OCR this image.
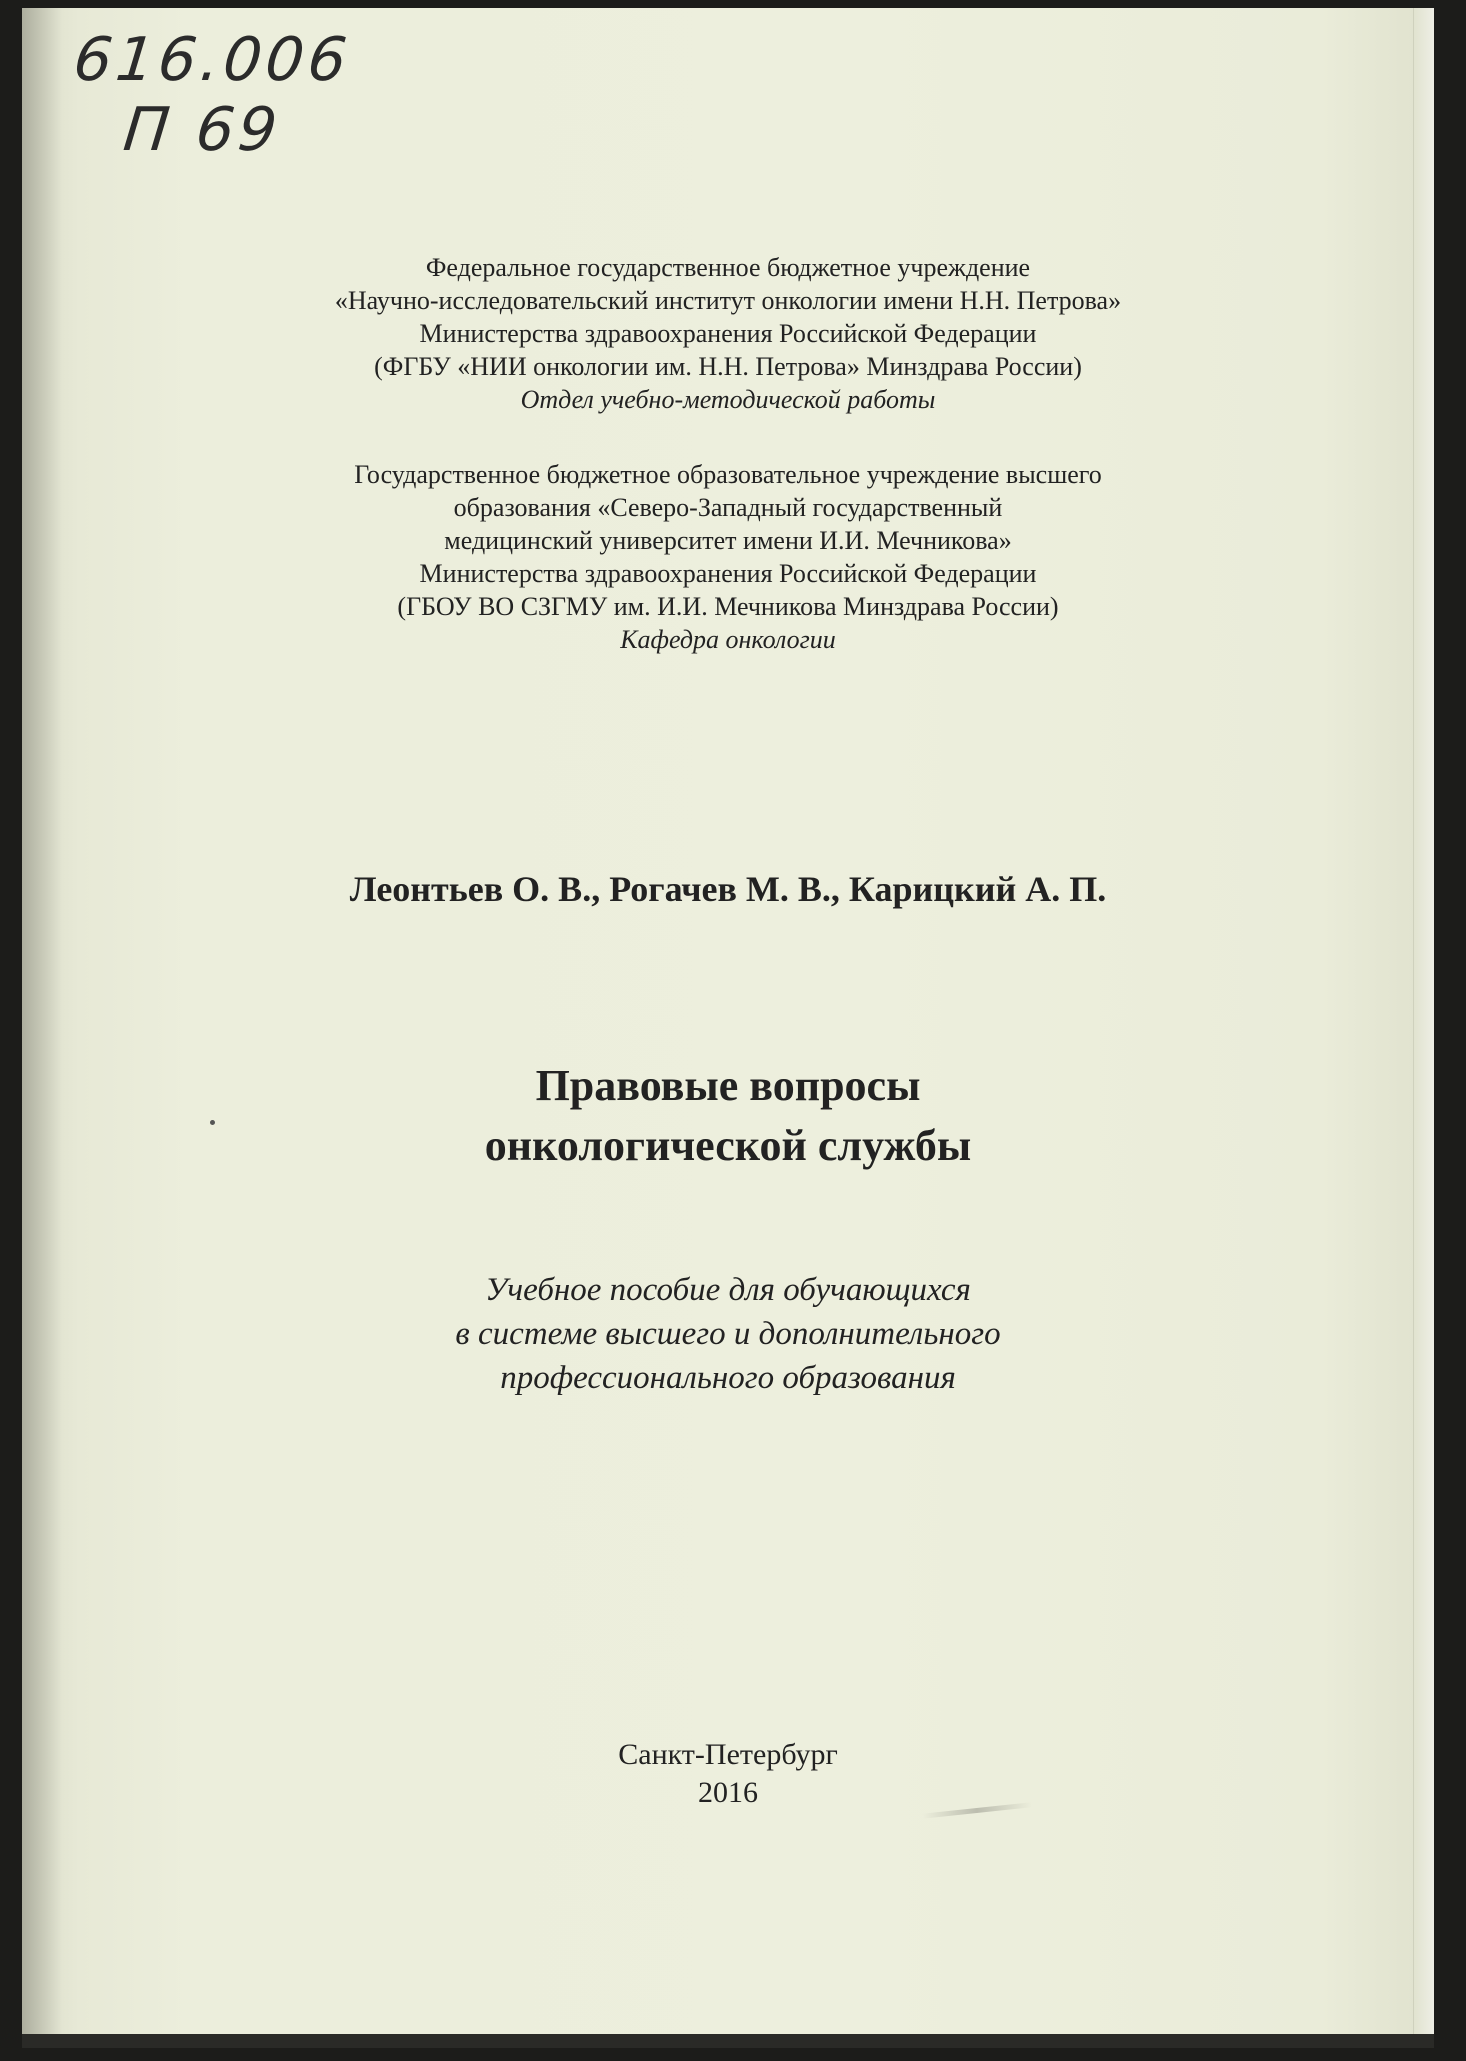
616.006
П 69
Федеральное государственное бюджетное учреждение
«Научно-исследовательский институт онкологии имени Н.Н. Петрова»
Министерства здравоохранения Российской Федерации
(ФГБУ «НИИ онкологии им. Н.Н. Петрова» Минздрава России)
Отдел учебно-методической работы
Государственное бюджетное образовательное учреждение высшего
образования «Северо-Западный государственный
медицинский университет имени И.И. Мечникова»
Министерства здравоохранения Российской Федерации
(ГБОУ ВО СЗГМУ им. И.И. Мечникова Минздрава России)
Кафедра онкологии
Леонтьев О. В., Рогачев М. В., Карицкий А. П.
Правовые вопросы
онкологической службы
Учебное пособие для обучающихся
в системе высшего и дополнительного
профессионального образования
Санкт-Петербург
2016
